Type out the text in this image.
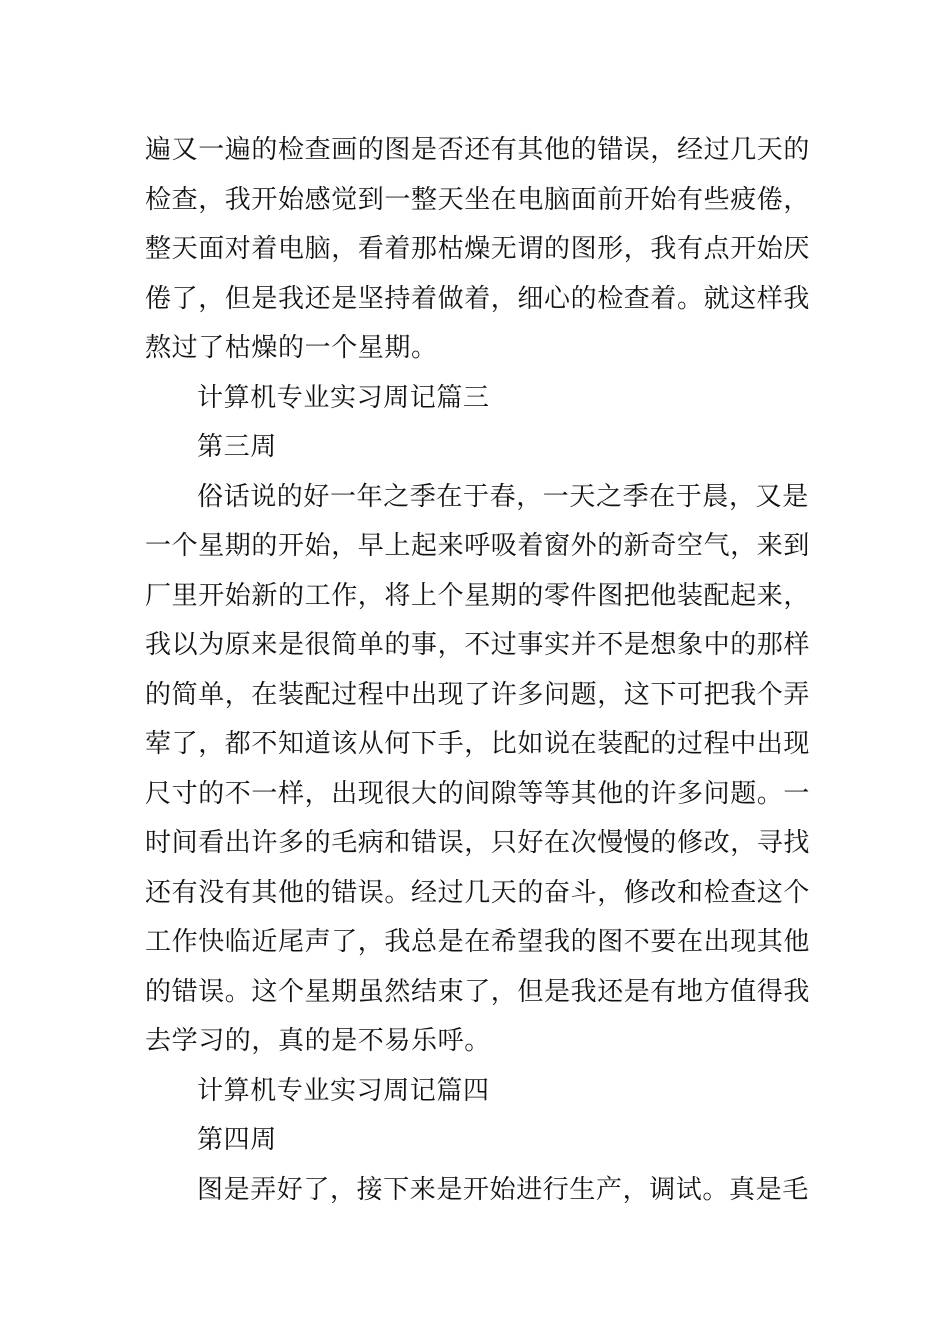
遍又一遍的检查画的图是否还有其他的错误，经过几天的
检查，我开始感觉到一整天坐在电脑面前开始有些疲倦，
整天面对着电脑，看着那枯燥无谓的图形，我有点开始厌
倦了，但是我还是坚持着做着，细心的检查着。就这样我
熬过了枯燥的一个星期。
计算机专业实习周记篇三
第三周
俗话说的好一年之季在于春，一天之季在于晨，又是
一个星期的开始，早上起来呼吸着窗外的新奇空气，来到
厂里开始新的工作，将上个星期的零件图把他装配起来，
我以为原来是很简单的事，不过事实并不是想象中的那样
的简单，在装配过程中出现了许多问题，这下可把我个弄
荤了，都不知道该从何下手，比如说在装配的过程中出现
尺寸的不一样，出现很大的间隙等等其他的许多问题。一
时间看出许多的毛病和错误，只好在次慢慢的修改，寻找
还有没有其他的错误。经过几天的奋斗，修改和检查这个
工作快临近尾声了，我总是在希望我的图不要在出现其他
的错误。这个星期虽然结束了，但是我还是有地方值得我
去学习的，真的是不易乐呼。
计算机专业实习周记篇四
第四周
图是弄好了，接下来是开始进行生产，调试。真是毛
